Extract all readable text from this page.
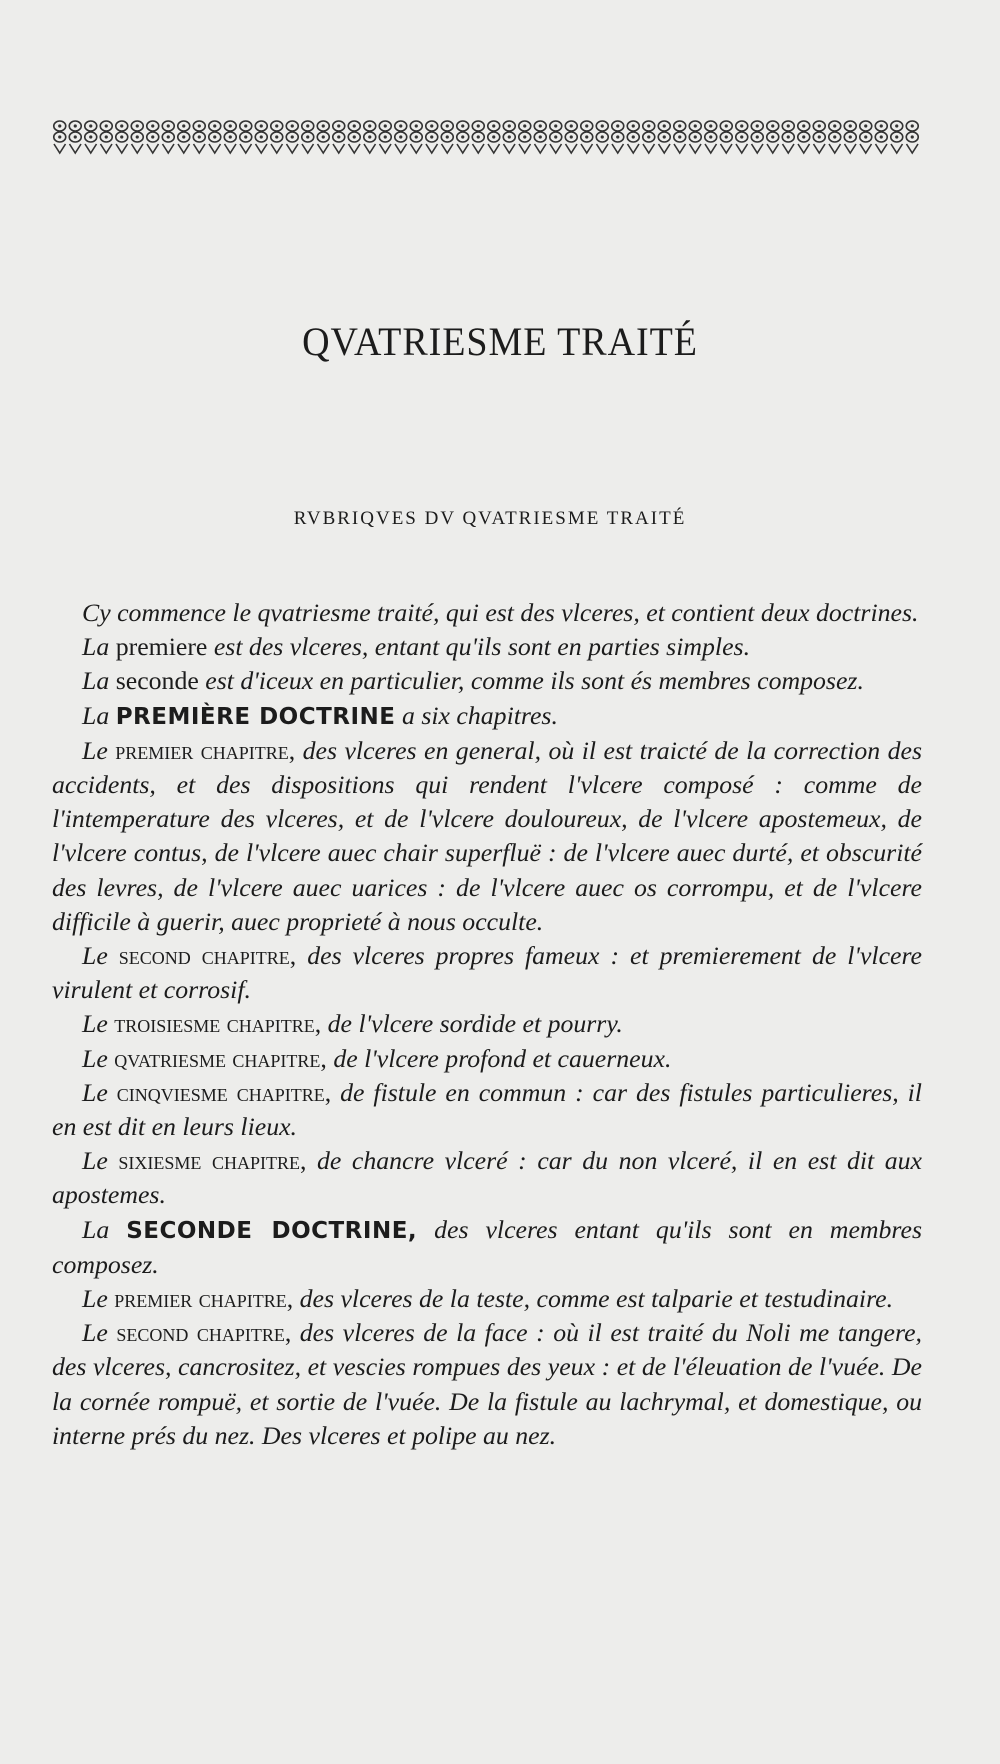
QVATRIESME TRAITÉ
RVBRIQVES DV QVATRIESME TRAITÉ

Cy commence le qvatriesme traité, qui est des vlceres, et contient deux doctrines.

La premiere est des vlceres, entant qu'ils sont en parties simples.

La seconde est d'iceux en particulier, comme ils sont és membres composez.

La PREMIÈRE DOCTRINE a six chapitres.

Le premier chapitre, des vlceres en general, où il est traicté de la correction des accidents, et des dispositions qui rendent l'vlcere composé : comme de l'intemperature des vlceres, et de l'vlcere douloureux, de l'vlcere apostemeux, de l'vlcere contus, de l'vlcere auec chair superfluë : de l'vlcere auec durté, et obscurité des levres, de l'vlcere auec uarices : de l'vlcere auec os corrompu, et de l'vlcere difficile à guerir, auec proprieté à nous occulte.

Le second chapitre, des vlceres propres fameux : et premierement de l'vlcere virulent et corrosif.

Le troisiesme chapitre, de l'vlcere sordide et pourry.

Le qvatriesme chapitre, de l'vlcere profond et cauerneux.

Le cinqviesme chapitre, de fistule en commun : car des fistules particulieres, il en est dit en leurs lieux.

Le sixiesme chapitre, de chancre vlceré : car du non vlceré, il en est dit aux apostemes.

La SECONDE DOCTRINE, des vlceres entant qu'ils sont en membres composez.

Le premier chapitre, des vlceres de la teste, comme est talparie et testudinaire.

Le second chapitre, des vlceres de la face : où il est traité du Noli me tangere, des vlceres, cancrositez, et vescies rompues des yeux : et de l'éleuation de l'vuée. De la cornée rompuë, et sortie de l'vuée. De la fistule au lachrymal, et domestique, ou interne prés du nez. Des vlceres et polipe au nez.
